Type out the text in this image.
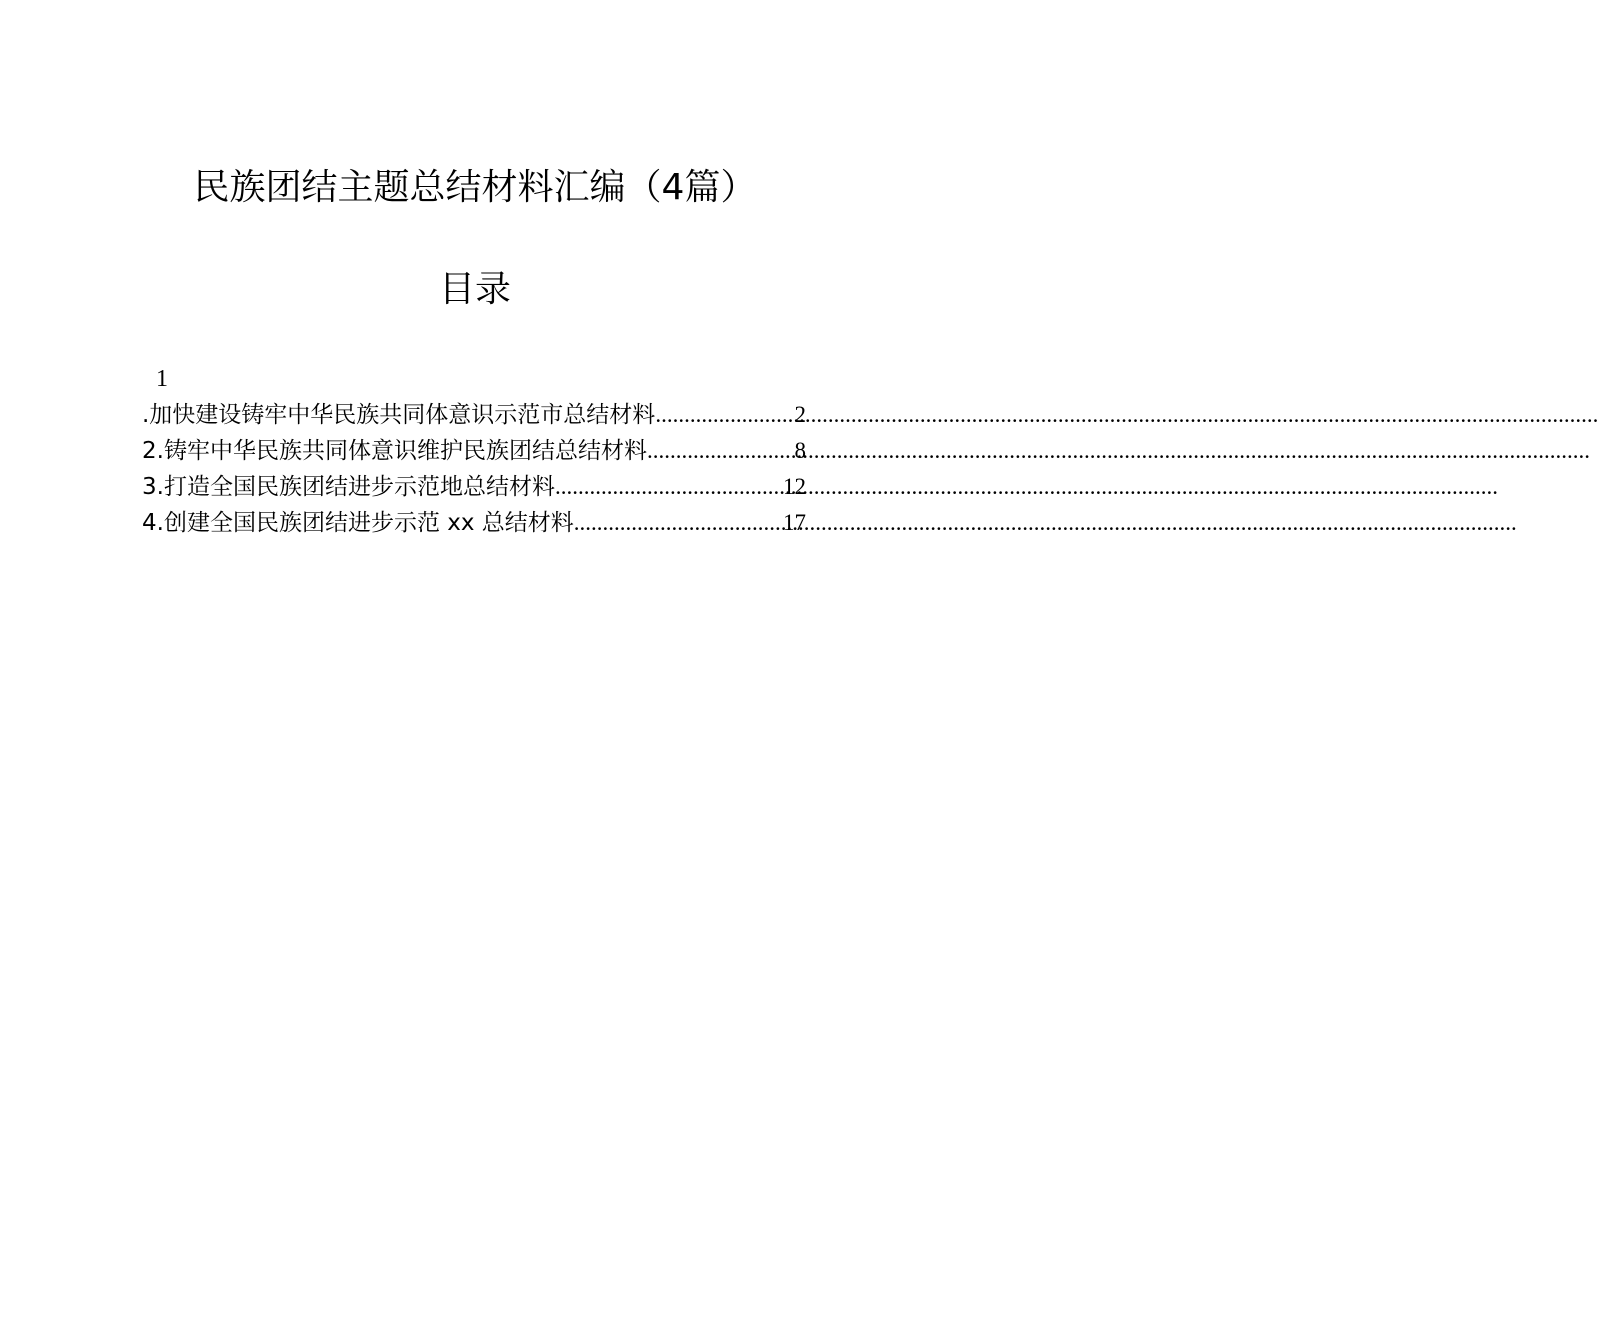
民族团结主题总结材料汇编（4篇）
目录
1
.加快建设铸牢中华民族共同体意识示范市总结材料 .....	2
2.铸牢中华民族共同体意识维护民族团结总结材料 .....	8
3.打造全国民族团结进步示范地总结材料 .....	12
4.创建全国民族团结进步示范 xx 总结材料 .....	17
